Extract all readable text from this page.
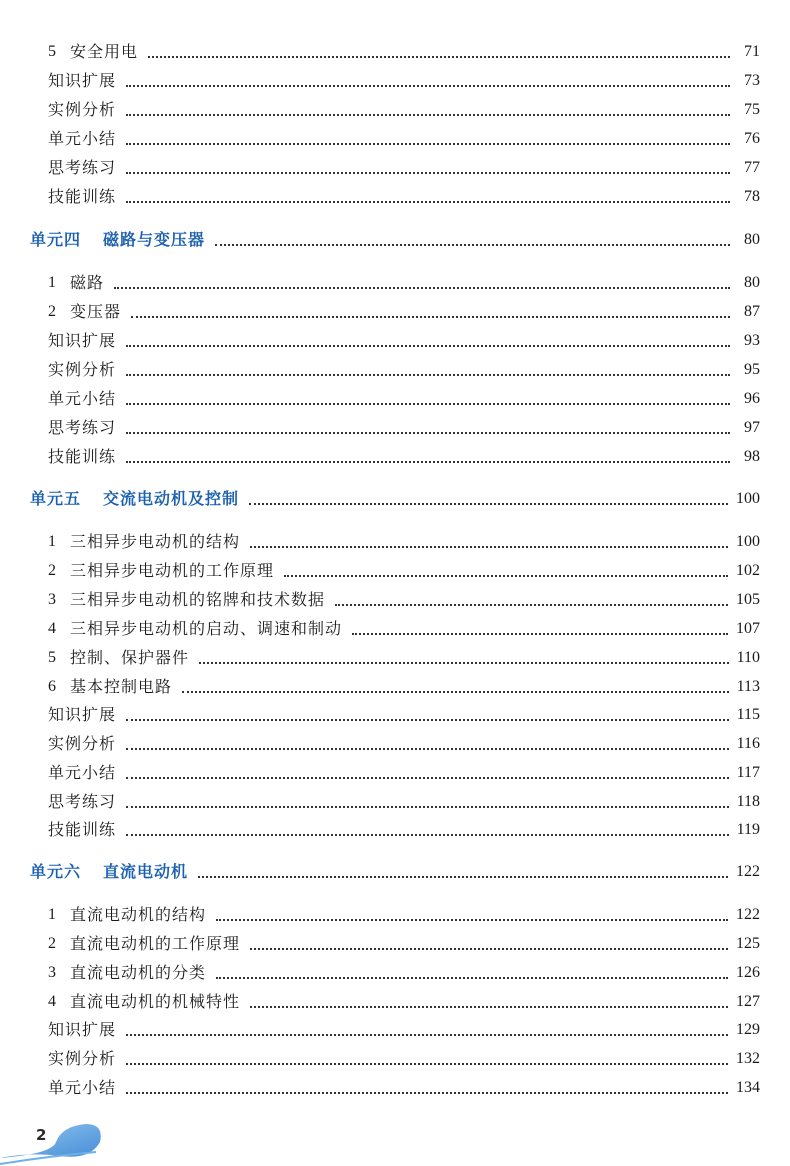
5 安全用电	71
知识扩展	73
实例分析	75
单元小结	76
思考练习	77
技能训练	78
单元四 磁路与变压器	80
1 磁路	80
2 变压器	87
知识扩展	93
实例分析	95
单元小结	96
思考练习	97
技能训练	98
单元五 交流电动机及控制	100
1 三相异步电动机的结构	100
2 三相异步电动机的工作原理	102
3 三相异步电动机的铭牌和技术数据	105
4 三相异步电动机的启动、调速和制动	107
5 控制、保护器件	110
6 基本控制电路	113
知识扩展	115
实例分析	116
单元小结	117
思考练习	118
技能训练	119
单元六 直流电动机	122
1 直流电动机的结构	122
2 直流电动机的工作原理	125
3 直流电动机的分类	126
4 直流电动机的机械特性	127
知识扩展	129
实例分析	132
单元小结	134
2
